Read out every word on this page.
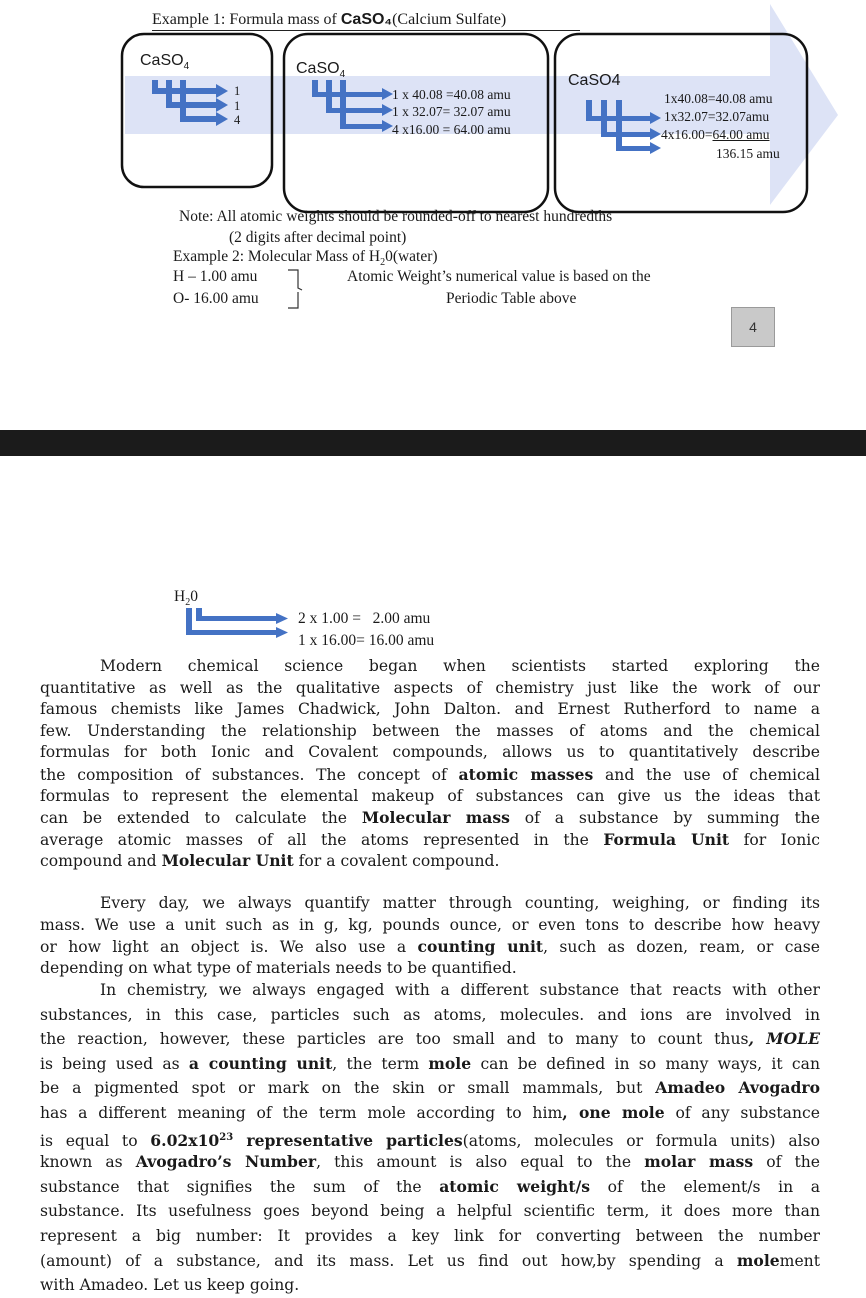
Example 1: Formula mass of CaSO₄(Calcium Sulfate)
CaSO$_4$
1
1
4
CaSO$_4$
1 x 40.08 =40.08 amu
1 x 32.07= 32.07 amu
4 x16.00 = 64.00 amu
CaSO4
1x40.08=40.08 amu
1x32.07=32.07amu
4x16.00=64.00 amu
136.15 amu
Note: All atomic weights should be rounded-off to nearest hundredths
(2 digits after decimal point)
Example 2: Molecular Mass of $H_20(water)$
H – 1.00 amu
O- 16.00 amu
Atomic Weight’s numerical value is based on the
Periodic Table above
4
$H_20$
2 x 1.00 =   2.00 amu
1 x 16.00= 16.00 amu
Modern chemical science began when scientists started exploring the
quantitative as well as the qualitative aspects of chemistry just like the work of our
famous chemists like James Chadwick, John Dalton. and Ernest Rutherford to name a
few. Understanding the relationship between the masses of atoms and the chemical
formulas for both Ionic and Covalent compounds, allows us to quantitatively describe
the composition of substances. The concept of atomic masses and the use of chemical
formulas to represent the elemental makeup of substances can give us the ideas that
can be extended to calculate the Molecular mass of a substance by summing the
average atomic masses of all the atoms represented in the Formula Unit for Ionic
compound and Molecular Unit for a covalent compound.
Every day, we always quantify matter through counting, weighing, or finding its
mass. We use a unit such as in g, kg, pounds ounce, or even tons to describe how heavy
or how light an object is. We also use a counting unit, such as dozen, ream, or case
depending on what type of materials needs to be quantified.
In chemistry, we always engaged with a different substance that reacts with other
substances, in this case, particles such as atoms, molecules. and ions are involved in
the reaction, however, these particles are too small and to many to count thus, MOLE
is being used as a counting unit, the term mole can be defined in so many ways, it can
be a pigmented spot or mark on the skin or small mammals, but Amadeo Avogadro
has a different meaning of the term mole according to him, one mole of any substance
is equal to $6.02x10^{23}$ representative particles(atoms, molecules or formula units) also
known as Avogadro’s Number, this amount is also equal to the molar mass of the
substance that signifies the sum of the atomic weight/s of the element/s in a
substance. Its usefulness goes beyond being a helpful scientific term, it does more than
represent a big number: It provides a key link for converting between the number
(amount) of a substance, and its mass. Let us find out how,by spending a molement
with Amadeo. Let us keep going.
